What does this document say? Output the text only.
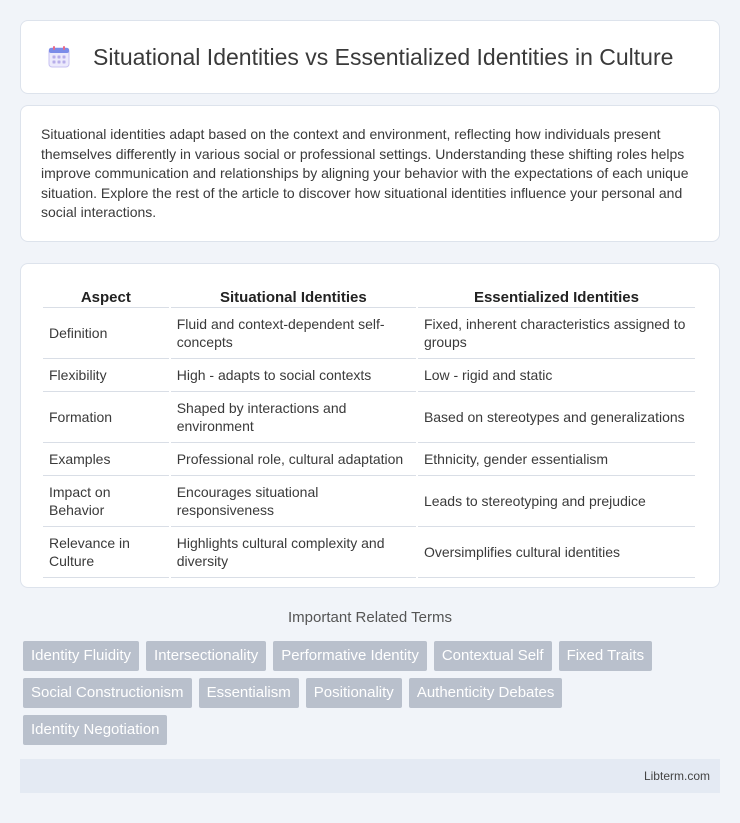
Situational Identities vs Essentialized Identities in Culture

Situational identities adapt based on the context and environment, reflecting how individuals present themselves differently in various social or professional settings. Understanding these shifting roles helps improve communication and relationships by aligning your behavior with the expectations of each unique situation. Explore the rest of the article to discover how situational identities influence your personal and social interactions.

Aspect	Situational Identities	Essentialized Identities
Definition	Fluid and context-dependent self-concepts	Fixed, inherent characteristics assigned to groups
Flexibility	High - adapts to social contexts	Low - rigid and static
Formation	Shaped by interactions and environment	Based on stereotypes and generalizations
Examples	Professional role, cultural adaptation	Ethnicity, gender essentialism
Impact on Behavior	Encourages situational responsiveness	Leads to stereotyping and prejudice
Relevance in Culture	Highlights cultural complexity and diversity	Oversimplifies cultural identities
Important Related Terms
Identity Fluidity	Intersectionality	Performative Identity	Contextual Self	Fixed Traits
Social Constructionism	Essentialism	Positionality	Authenticity Debates
Identity Negotiation
Libterm.com
